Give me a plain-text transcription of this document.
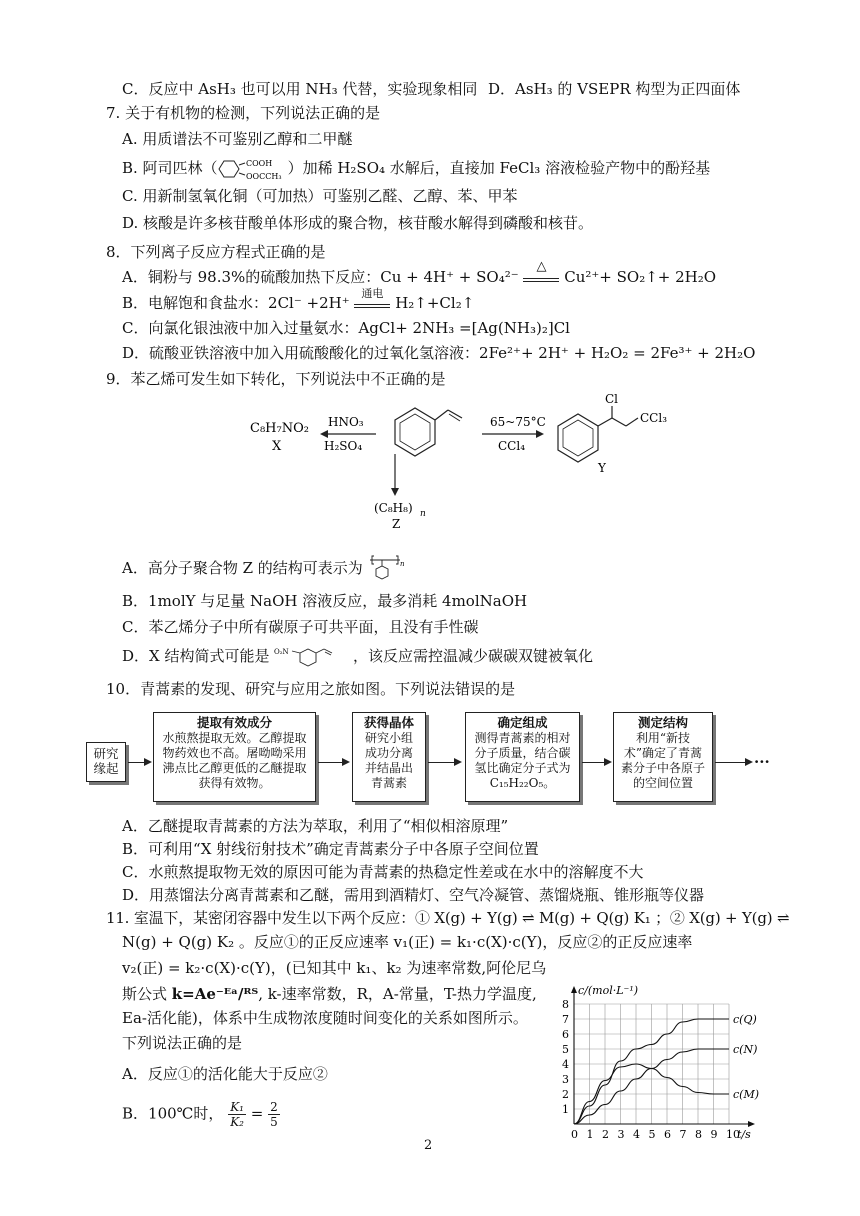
C．反应中 AsH₃ 也可以用 NH₃ 代替，实验现象相同 D．AsH₃ 的 VSEPR 构型为正四面体
7. 关于有机物的检测，下列说法正确的是
A. 用质谱法不可鉴别乙醇和二甲醚
B. 阿司匹林（	COOH
OOCCH₃ ）加稀 H₂SO₄ 水解后，直接加 FeCl₃ 溶液检验产物中的酚羟基
C. 用新制氢氧化铜（可加热）可鉴别乙醛、乙醇、苯、甲苯
D. 核酸是许多核苷酸单体形成的聚合物，核苷酸水解得到磷酸和核苷。
8．下列离子反应方程式正确的是
A．铜粉与 98.3%的硫酸加热下反应：Cu + 4H⁺ + SO₄²⁻
△
Cu²⁺+ SO₂↑+ 2H₂O
B．电解饱和食盐水：2Cl⁻ +2H⁺
通电
H₂↑+Cl₂↑
C．向氯化银浊液中加入过量氨水：AgCl+ 2NH₃ =[Ag(NH₃)₂]Cl
D．硫酸亚铁溶液中加入用硫酸酸化的过氧化氢溶液：2Fe²⁺+ 2H⁺ + H₂O₂ = 2Fe³⁺ + 2H₂O
9．苯乙烯可发生如下转化，下列说法中不正确的是
C₈H₇NO₂
X
HNO₃
H₂SO₄
65~75°C
CCl₄
Cl
CCl₃
Y
(C₈H₈) n
Z
A．高分子聚合物 Z 的结构可表示为	n
B．1molY 与足量 NaOH 溶液反应，最多消耗 4molNaOH
C．苯乙烯分子中所有碳原子可共平面，且没有手性碳
D．X 结构简式可能是 O₂N	，该反应需控温减少碳碳双键被氧化
10．青蒿素的发现、研究与应用之旅如图。下列说法错误的是
研究缘起
提取有效成分
水煎熬提取无效。乙醇提取物药效也不高。屠呦呦采用沸点比乙醇更低的乙醚提取获得有效物。
获得晶体
研究小组成功分离并结晶出青蒿素
确定组成
测得青蒿素的相对分子质量，结合碳氢比确定分子式为C₁₅H₂₂O₅。
测定结构
利用“新技术”确定了青蒿素分子中各原子的空间位置
···
A．乙醚提取青蒿素的方法为萃取，利用了“相似相溶原理”
B．可利用“X 射线衍射技术”确定青蒿素分子中各原子空间位置
C．水煎熬提取物无效的原因可能为青蒿素的热稳定性差或在水中的溶解度不大
D．用蒸馏法分离青蒿素和乙醚，需用到酒精灯、空气冷凝管、蒸馏烧瓶、锥形瓶等仪器
11. 室温下，某密闭容器中发生以下两个反应：① X(g) + Y(g) ⇌ M(g) + Q(g) K₁ ；② X(g) + Y(g) ⇌
N(g) + Q(g) K₂ 。反应①的正反应速率 v₁(正) = k₁·c(X)·c(Y)，反应②的正反应速率
v₂(正) = k₂·c(X)·c(Y)，(已知其中 k₁、k₂ 为速率常数,阿伦尼乌
斯公式 k=Ae⁻ᴱᵃ/ᴿᵀ, k-速率常数，R，A-常量，T-热力学温度,
Ea-活化能)，体系中生成物浓度随时间变化的关系如图所示。
下列说法正确的是
A．反应①的活化能大于反应②
B．100℃时， $\frac{\text{K₁}}{\text{K₂}} = \frac{2}{5}$
0 1 2 3 4 5 6 7 8 9 10
1
2
3
4
5
6
7
8
c/(mol·L⁻¹)
t/s
c(Q)
c(N)
c(M)
2
